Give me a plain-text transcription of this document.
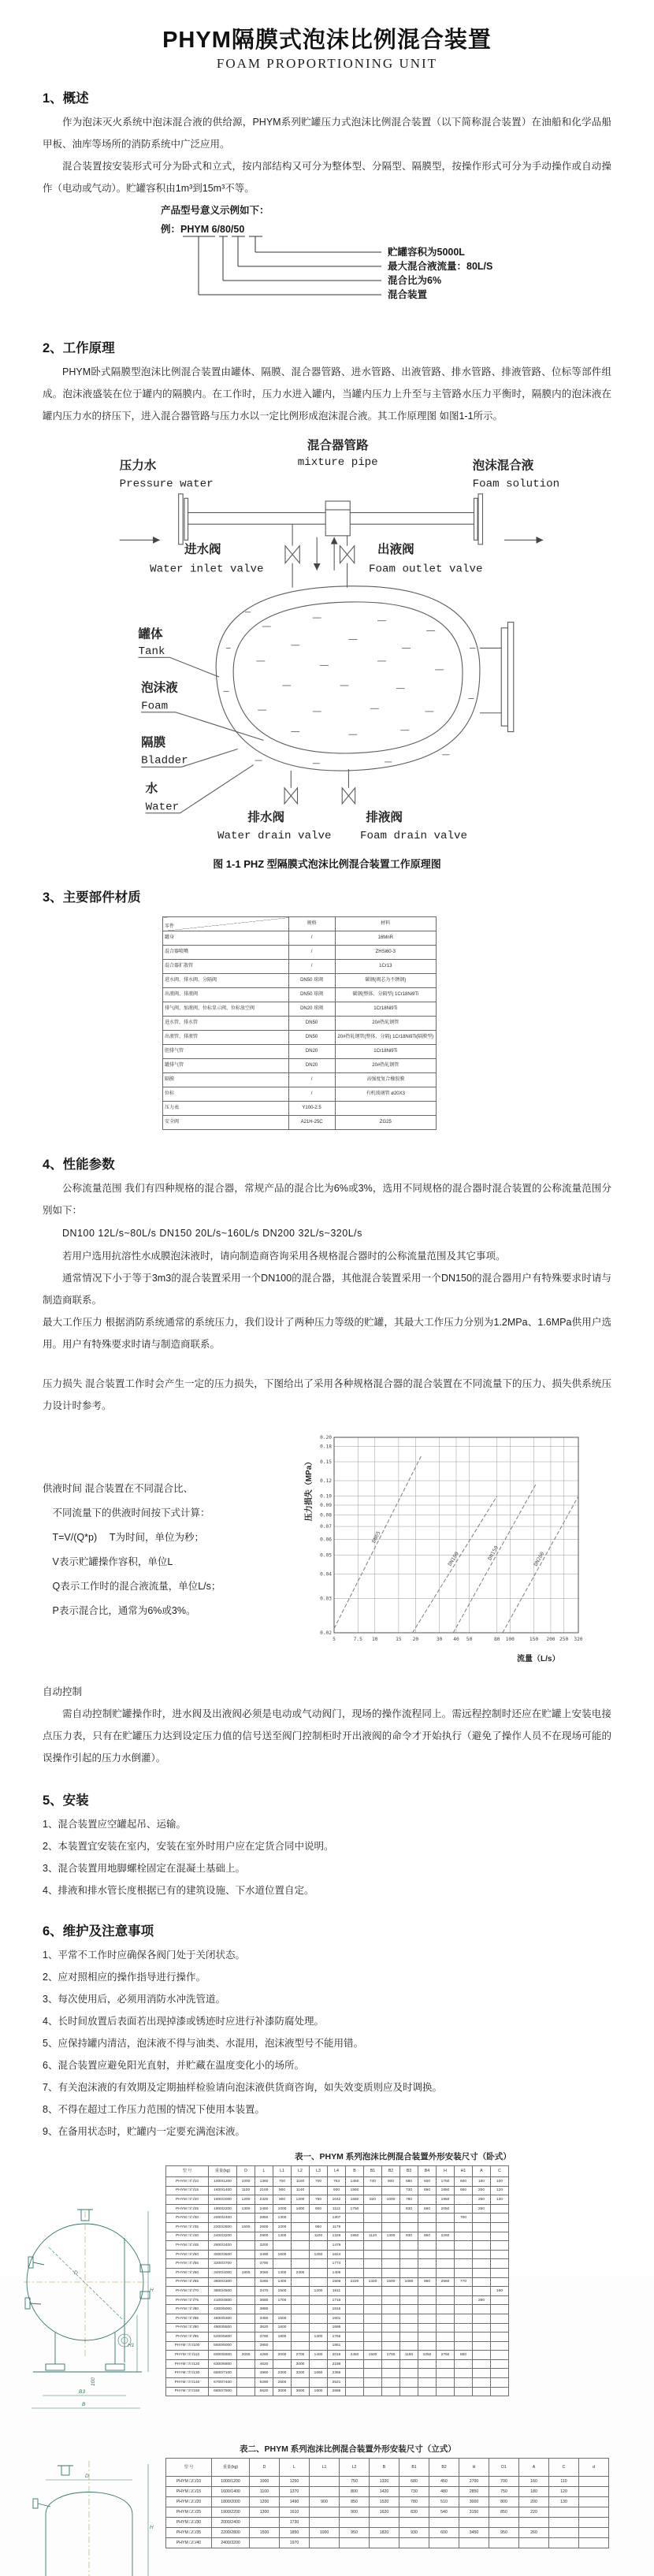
PHYM隔膜式泡沫比例混合装置
FOAM PROPORTIONING UNIT
1、概述
作为泡沫灭火系统中泡沫混合液的供给源，PHYM系列贮罐压力式泡沫比例混合装置（以下简称混合装置）在油船和化学品船甲板、油库等场所的消防系统中广泛应用。
混合装置按安装形式可分为卧式和立式，按内部结构又可分为整体型、分隔型、隔膜型，按操作形式可分为手动操作或自动操作（电动或气动）。贮罐容积由1m³到15m³不等。
产品型号意义示例如下：
例：PHYM 6/80/50
贮罐容积为5000L
最大混合液流量：80L/S
混合比为6%
混合装置
2、工作原理
PHYM卧式隔膜型泡沫比例混合装置由罐体、隔膜、混合器管路、进水管路、出液管路、排水管路、排液管路、位标等部件组成。泡沫液盛装在位于罐内的隔膜内。在工作时，压力水进入罐内，当罐内压力上升至与主管路水压力平衡时，隔膜内的泡沫液在罐内压力水的挤压下，进入混合器管路与压力水以一定比例形成泡沫混合液。其工作原理图 如图1-1所示。
压力水
Pressure water
混合器管路
mixture pipe	泡沫混合液
Foam solution
进水阀
Water inlet valve
出液阀
Foam outlet valve
排水阀
Water drain valve
排液阀
Foam drain valve
罐体
Tank
泡沫液
Foam
隔膜
Bladder
水
Water
图 1-1 PHZ 型隔膜式泡沫比例混合装置工作原理图
3、主要部件材质
零件	规格	材料
罐身	/	16MnR
混合器喷嘴	/	ZHSi60-3
混合器扩散管	/	1Cr13
进水阀、排水阀、分隔阀	DN50 球阀	碳钢(阀芯为不锈钢)
出液阀、排液阀	DN50 球阀	碳钢(整体、分隔型) 1Cr18Ni9Ti
排气阀、加液阀、位标显示阀、位标放空阀	DN20 球阀	1Cr18Ni9Ti
进水管、排水管	DN50	20#热轧钢管
出液管、排液管	DN50	20#热轧钢管(整体、分隔) 1Cr18Ni9Ti(隔膜型)
胆排气管	DN20	1Cr18Ni9Ti
罐排气管	DN20	20#热轧钢管
隔膜	/	高强度复合橡胶膜
位标	/	有机玻璃管 ø20X3
压力表	Y100-2.5	
安全阀	A21H-25C	ZG25
4、性能参数
公称流量范围 我们有四种规格的混合器，常规产品的混合比为6%或3%，选用不同规格的混合器时混合装置的公称流量范围分别如下：
DN100 12L/s~80L/s DN150 20L/s~160L/s DN200 32L/s~320L/s
若用户选用抗溶性水成膜泡沫液时，请向制造商咨询采用各规格混合器时的公称流量范围及其它事项。
通常情况下小于等于3m3的混合装置采用一个DN100的混合器，其他混合装置采用一个DN150的混合器用户有特殊要求时请与制造商联系。
最大工作压力 根据消防系统通常的系统压力，我们设计了两种压力等级的贮罐，其最大工作压力分别为1.2MPa、1.6MPa供用户选用。用户有特殊要求时请与制造商联系。
压力损失 混合装置工作时会产生一定的压力损失，下图给出了采用各种规格混合器的混合装置在不同流量下的压力、损失供系统压力设计时参考。
供液时间 混合装置在不同混合比、
　不同流量下的供液时间按下式计算：
　T=V/(Q*p)　 T为时间，单位为秒；
　V表示贮罐操作容积，单位L
　Q表示工作时的混合液流量，单位L/s；
　P表示混合比，通常为6%或3%。
5	7.5 10	15 20	30 40 50	80 100	150 200 250 320
0.02
0.03
0.04
0.05
0.06
0.07
0.08
0.09
0.10
0.12
0.15
0.18
0.20
DN65
DN100	DN150	DN200
流量（L/s）
压力损失（MPa）
自动控制
需自动控制贮罐操作时，进水阀及出液阀必须是电动或气动阀门，现场的操作流程同上。需远程控制时还应在贮罐上安装电接点压力表，只有在贮罐压力达到设定压力值的信号送至阀门控制柜时开出液阀的命令才开始执行（避免了操作人员不在现场可能的误操作引起的压力水倒灌）。
5、安装
1、混合装置应空罐起吊、运输。
2、本装置宜安装在室内，安装在室外时用户应在定货合同中说明。
3、混合装置用地脚螺栓固定在混凝土基础上。
4、排液和排水管长度根据已有的建筑设施、下水道位置自定。
6、维护及注意事项
1、平常不工作时应确保各阀门处于关闭状态。
2、应对照相应的操作指导进行操作。
3、每次使用后，必须用消防水冲洗管道。
4、长时间放置后表面若出现掉漆或锈迹时应进行补漆防腐处理。
5、应保持罐内清洁，泡沫液不得与油类、水混用，泡沫液型号不能用错。
6、混合装置应避免阳光直射，并贮藏在温度变化小的场所。
7、有关泡沫液的有效期及定期抽样检验请向泡沫液供货商咨询，如失效变质则应及时调换。
8、不得在超过工作压力范围的情况下使用本装置。
9、在备用状态时，贮罐内一定要充满泡沫液。
表一、PHYM 系列泡沫比例混合装置外形安装尺寸（卧式）
D
H
H1
100
B3
B
型 号	重量(kg)	D	L	L1	L2	L3	L4	B	B1	B2	B3	B4	H	H1	A	C
PHYM □/□/10	1000/1200	1000	1360	700	1100	700	763	1450	740	900	680	600	1750	600	180	100
PHYM □/□/15	1600/1400	1100	2100	800	1140		930	1550			730	650	1850	650	200	120
PHYM □/□/20	1800/2000	1200	2320	900	1200	750	1042	1650	820	1000	780		1950		250	130
PHYM □/□/25	1900/2200	1300	2460	1000	1600	900	1112	1750			830	680	2050		260	
PHYM □/□/30	2000/2400		2850	1300			1307							700		
PHYM □/□/35	2200/2800	1500	2600	1000		950	1179									
PHYM □/□/40	2400/3200		2900	1300		1100	1329	1950	1120	1300	930	850	2260			
PHYM □/□/45	2800/3400		3200				1479									
PHYM □/□/50	3000/3500		3490	1600		1250	1624									
PHYM □/□/55	3200/3700		3790				1774									
PHYM □/□/60	3400/4000	1800	3060	1300	2400		1406									
PHYM □/□/65	3600/4300		3260	1400			1506	2220	1320	1500	1080	950	2560	770		
PHYM □/□/70	3800/4500		3470	1500		1200	1611									160
PHYM □/□/75	4100/4800		3680	1700			1716								280	
PHYM □/□/80	4300/5000		3880				1816									
PHYM □/□/85	4600/5300		3450	1500			1601									
PHYM □/□/90	4900/5500		3620	1600			1686									
PHYM □/□/95	5200/5800		3780	1800		1300	1765									
PHYM □/□/100	5500/6000		3950				1851									
PHYM □/□/110	6000/6500	2000	4280	2000	2700	1400	2016	2450	1500	1700	1180	1050	2760	850		
PHYM □/□/120	6300/6800		4620		3000		2188									
PHYM □/□/130	6500/7100		4960	2300	3200	1650	2356									
PHYM □/□/140	6700/7400		5290	2500			2521									
PHYM □/□/150	6800/7500		5620	3000	3600	1900	2686									
表二、PHYM 系列泡沫比例混合装置外形安装尺寸（立式）
H
D
型 号	重量(kg)	D	L	L1	L2	B	B1	B2	H	D1	A	C	d
PHYM □/□/10	1000/1200	1000	1250		750	1320	680	450	2700	700	160	110	
PHYM □/□/15	1600/1400	1100	1370		800	1420	730	480	2850	750	180	120	
PHYM □/□/20	1800/2000	1200	1490	900	850	1520	780	510	3000	800	200	130	
PHYM □/□/25	1900/2200	1300	1610		900	1620	830	540	3150	850	220		
PHYM □/□/30	2000/2400		1730										
PHYM □/□/35	2200/2800	1500	1850	1000	950	1820	930	600	3450	950	260		
PHYM □/□/40	2400/3200		1970										
